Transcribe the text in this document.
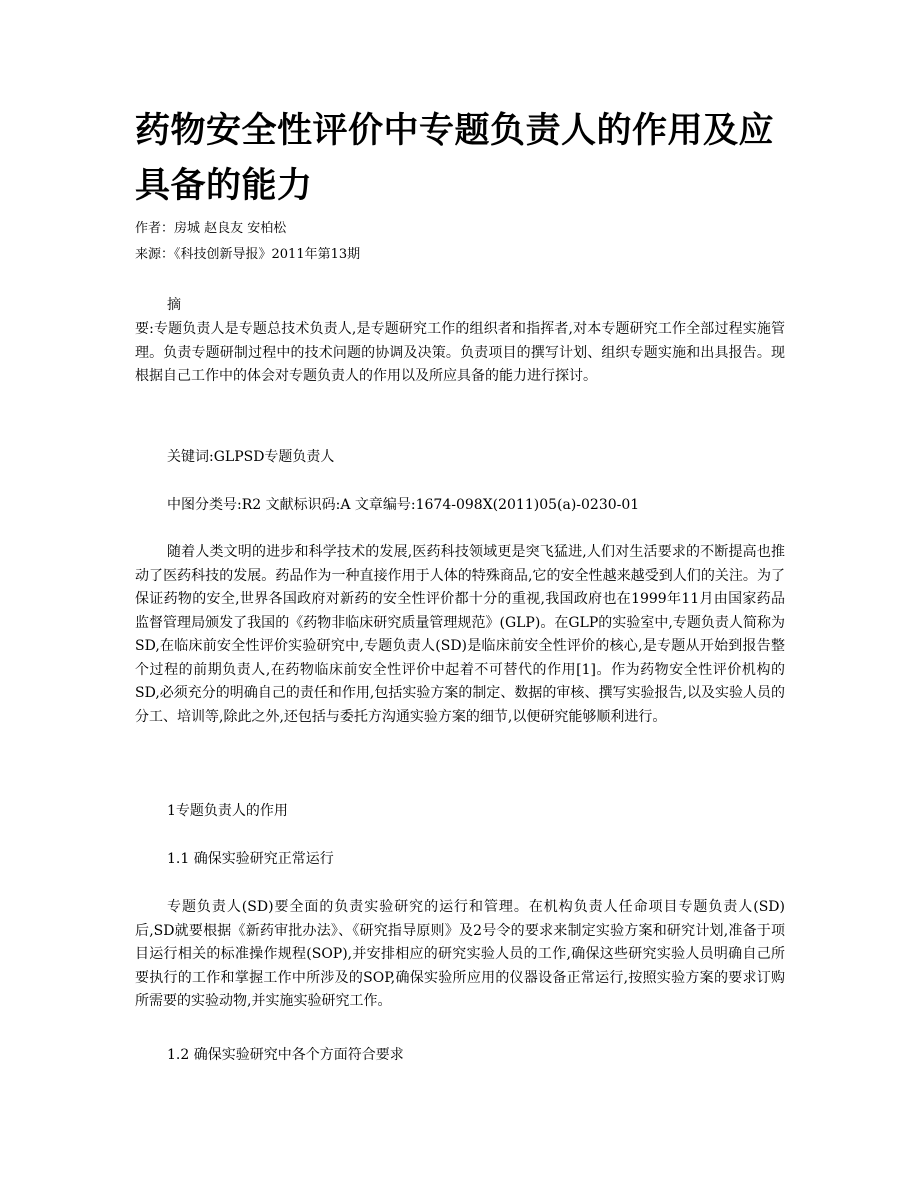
药物安全性评价中专题负责人的作用及应具备的能力
作者：房城 赵良友 安柏松
来源：《科技创新导报》2011年第13期
摘

要:专题负责人是专题总技术负责人,是专题研究工作的组织者和指挥者,对本专题研究工作全部过程实施管理。负责专题研制过程中的技术问题的协调及决策。负责项目的撰写计划、组织专题实施和出具报告。现根据自己工作中的体会对专题负责人的作用以及所应具备的能力进行探讨。

关键词:GLPSD专题负责人
中图分类号:R2 文献标识码:A 文章编号:1674-098X(2011)05(a)-0230-01

随着人类文明的进步和科学技术的发展,医药科技领域更是突飞猛进,人们对生活要求的不断提高也推动了医药科技的发展。药品作为一种直接作用于人体的特殊商品,它的安全性越来越受到人们的关注。为了保证药物的安全,世界各国政府对新药的安全性评价都十分的重视,我国政府也在1999年11月由国家药品监督管理局颁发了我国的《药物非临床研究质量管理规范》(GLP)。在GLP的实验室中,专题负责人简称为SD,在临床前安全性评价实验研究中,专题负责人(SD)是临床前安全性评价的核心,是专题从开始到报告整个过程的前期负责人,在药物临床前安全性评价中起着不可替代的作用[1]。作为药物安全性评价机构的SD,必须充分的明确自己的责任和作用,包括实验方案的制定、数据的审核、撰写实验报告,以及实验人员的分工、培训等,除此之外,还包括与委托方沟通实验方案的细节,以便研究能够顺利进行。

1专题负责人的作用
1.1 确保实验研究正常运行

专题负责人(SD)要全面的负责实验研究的运行和管理。在机构负责人任命项目专题负责人(SD)后,SD就要根据《新药审批办法》、《研究指导原则》及2号令的要求来制定实验方案和研究计划,准备于项目运行相关的标准操作规程(SOP),并安排相应的研究实验人员的工作,确保这些研究实验人员明确自己所要执行的工作和掌握工作中所涉及的SOP,确保实验所应用的仪器设备正常运行,按照实验方案的要求订购所需要的实验动物,并实施实验研究工作。

1.2 确保实验研究中各个方面符合要求
